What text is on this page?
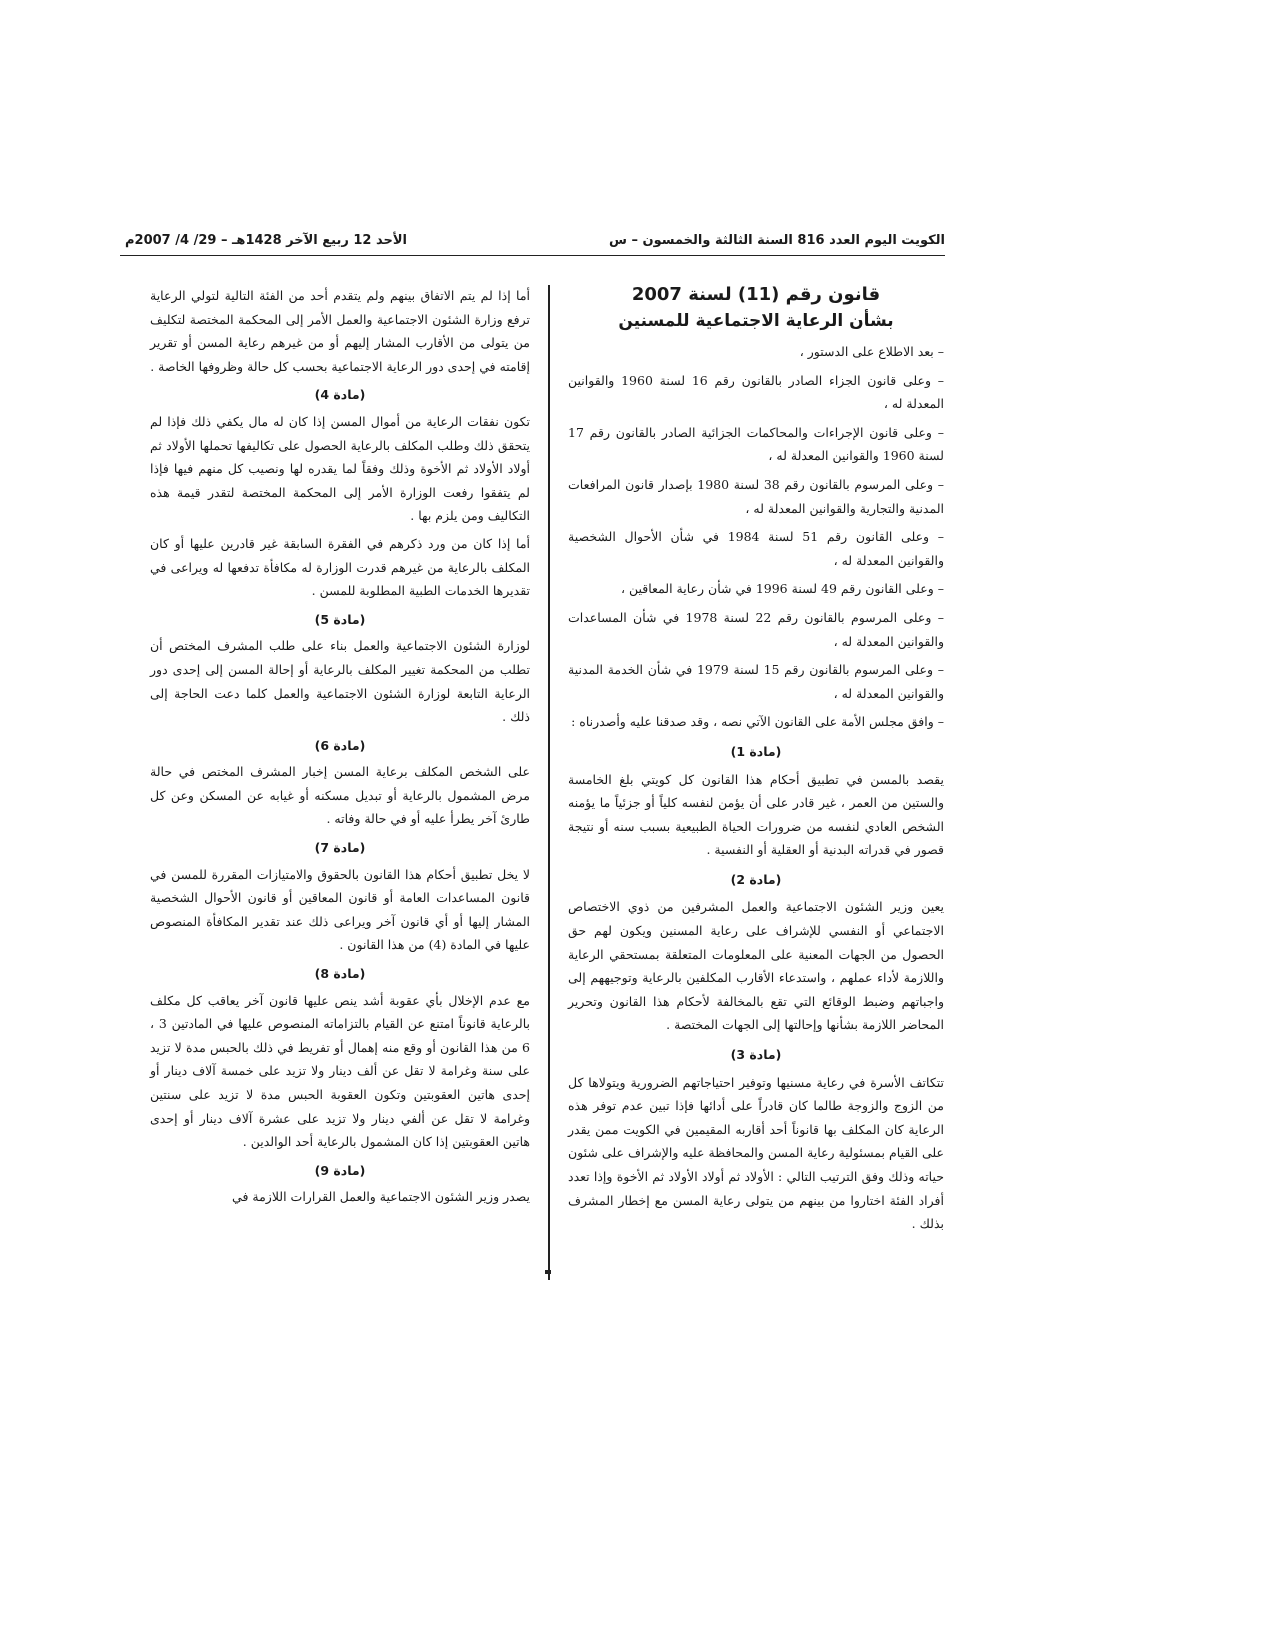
الكويت اليوم العدد 816 السنة الثالثة والخمسون – س
الأحد 12 ربيع الآخر 1428هـ – 29/ 4/ 2007م
قانون رقم (11) لسنة 2007
بشأن الرعاية الاجتماعية للمسنين

– بعد الاطلاع على الدستور ،

– وعلى قانون الجزاء الصادر بالقانون رقم 16 لسنة 1960 والقوانين المعدلة له ،

– وعلى قانون الإجراءات والمحاكمات الجزائية الصادر بالقانون رقم 17 لسنة 1960 والقوانين المعدلة له ،

– وعلى المرسوم بالقانون رقم 38 لسنة 1980 بإصدار قانون المرافعات المدنية والتجارية والقوانين المعدلة له ،

– وعلى القانون رقم 51 لسنة 1984 في شأن الأحوال الشخصية والقوانين المعدلة له ،

– وعلى القانون رقم 49 لسنة 1996 في شأن رعاية المعاقين ،

– وعلى المرسوم بالقانون رقم 22 لسنة 1978 في شأن المساعدات والقوانين المعدلة له ،

– وعلى المرسوم بالقانون رقم 15 لسنة 1979 في شأن الخدمة المدنية والقوانين المعدلة له ،

– وافق مجلس الأمة على القانون الآتي نصه ، وقد صدقنا عليه وأصدرناه :

(مادة 1)

يقصد بالمسن في تطبيق أحكام هذا القانون كل كويتي بلغ الخامسة والستين من العمر ، غير قادر على أن يؤمن لنفسه كلياً أو جزئياً ما يؤمنه الشخص العادي لنفسه من ضرورات الحياة الطبيعية بسبب سنه أو نتيجة قصور في قدراته البدنية أو العقلية أو النفسية .

(مادة 2)

يعين وزير الشئون الاجتماعية والعمل المشرفين من ذوي الاختصاص الاجتماعي أو النفسي للإشراف على رعاية المسنين ويكون لهم حق الحصول من الجهات المعنية على المعلومات المتعلقة بمستحقي الرعاية واللازمة لأداء عملهم ، واستدعاء الأقارب المكلفين بالرعاية وتوجيههم إلى واجباتهم وضبط الوقائع التي تقع بالمخالفة لأحكام هذا القانون وتحرير المحاضر اللازمة بشأنها وإحالتها إلى الجهات المختصة .

(مادة 3)

تتكاتف الأسرة في رعاية مسنيها وتوفير احتياجاتهم الضرورية ويتولاها كل من الزوج والزوجة طالما كان قادراً على أدائها فإذا تبين عدم توفر هذه الرعاية كان المكلف بها قانوناً أحد أقاربه المقيمين في الكويت ممن يقدر على القيام بمسئولية رعاية المسن والمحافظة عليه والإشراف على شئون حياته وذلك وفق الترتيب التالي : الأولاد ثم أولاد الأولاد ثم الأخوة وإذا تعدد أفراد الفئة اختاروا من بينهم من يتولى رعاية المسن مع إخطار المشرف بذلك .

أما إذا لم يتم الاتفاق بينهم ولم يتقدم أحد من الفئة التالية لتولي الرعاية ترفع وزارة الشئون الاجتماعية والعمل الأمر إلى المحكمة المختصة لتكليف من يتولى من الأقارب المشار إليهم أو من غيرهم رعاية المسن أو تقرير إقامته في إحدى دور الرعاية الاجتماعية بحسب كل حالة وظروفها الخاصة .

(مادة 4)

تكون نفقات الرعاية من أموال المسن إذا كان له مال يكفي ذلك فإذا لم يتحقق ذلك وطلب المكلف بالرعاية الحصول على تكاليفها تحملها الأولاد ثم أولاد الأولاد ثم الأخوة وذلك وفقاً لما يقدره لها ونصيب كل منهم فيها فإذا لم يتفقوا رفعت الوزارة الأمر إلى المحكمة المختصة لتقدر قيمة هذه التكاليف ومن يلزم بها .

أما إذا كان من ورد ذكرهم في الفقرة السابقة غير قادرين عليها أو كان المكلف بالرعاية من غيرهم قدرت الوزارة له مكافأة تدفعها له ويراعى في تقديرها الخدمات الطبية المطلوبة للمسن .

(مادة 5)

لوزارة الشئون الاجتماعية والعمل بناء على طلب المشرف المختص أن تطلب من المحكمة تغيير المكلف بالرعاية أو إحالة المسن إلى إحدى دور الرعاية التابعة لوزارة الشئون الاجتماعية والعمل كلما دعت الحاجة إلى ذلك .

(مادة 6)

على الشخص المكلف برعاية المسن إخبار المشرف المختص في حالة مرض المشمول بالرعاية أو تبديل مسكنه أو غيابه عن المسكن وعن كل طارئ آخر يطرأ عليه أو في حالة وفاته .

(مادة 7)

لا يخل تطبيق أحكام هذا القانون بالحقوق والامتيازات المقررة للمسن في قانون المساعدات العامة أو قانون المعاقين أو قانون الأحوال الشخصية المشار إليها أو أي قانون آخر ويراعى ذلك عند تقدير المكافأة المنصوص عليها في المادة (4) من هذا القانون .

(مادة 8)

مع عدم الإخلال بأي عقوبة أشد ينص عليها قانون آخر يعاقب كل مكلف بالرعاية قانوناً امتنع عن القيام بالتزاماته المنصوص عليها في المادتين 3 ، 6 من هذا القانون أو وقع منه إهمال أو تفريط في ذلك بالحبس مدة لا تزيد على سنة وغرامة لا تقل عن ألف دينار ولا تزيد على خمسة آلاف دينار أو إحدى هاتين العقوبتين وتكون العقوبة الحبس مدة لا تزيد على سنتين وغرامة لا تقل عن ألفي دينار ولا تزيد على عشرة آلاف دينار أو إحدى هاتين العقوبتين إذا كان المشمول بالرعاية أحد الوالدين .

(مادة 9)

يصدر وزير الشئون الاجتماعية والعمل القرارات اللازمة في
